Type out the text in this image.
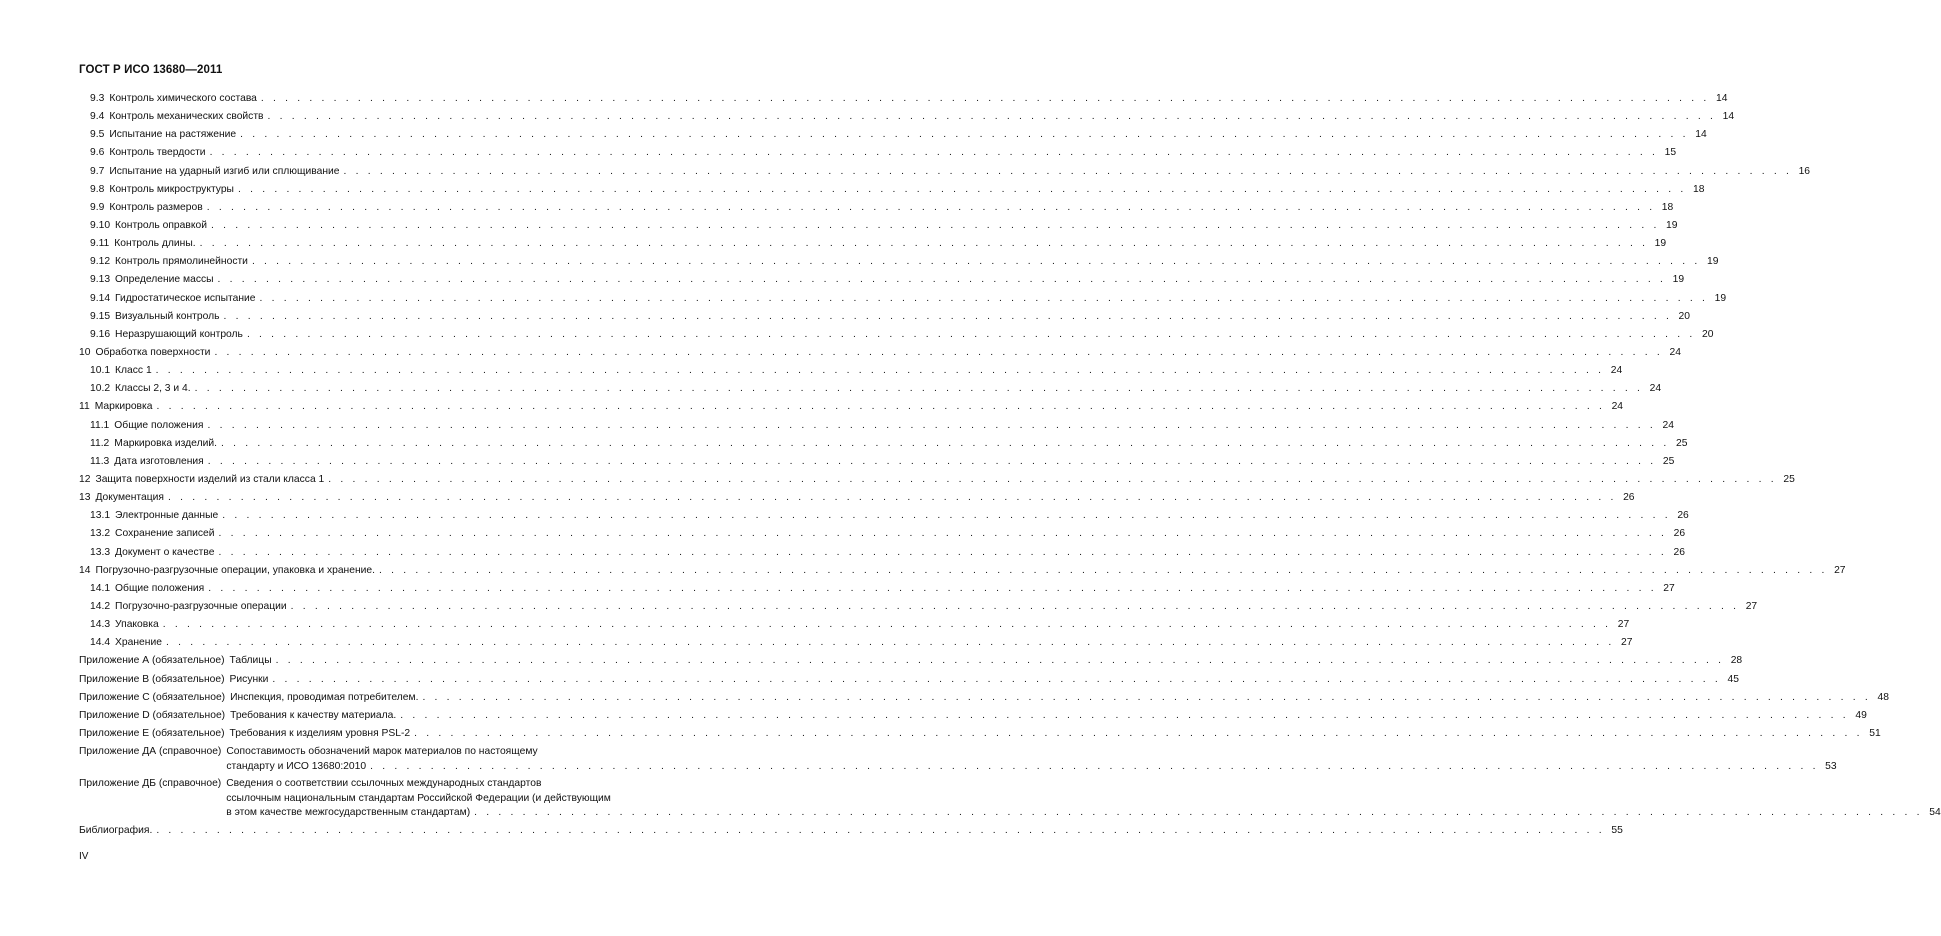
ГОСТ Р ИСО 13680—2011
9.3 Контроль химического состава . . . . . . . . . . . . . . . . . . . . . . . . . . . . . . . . . . . . . . . . . . . . . . . . . . . . . . . . . . . . . . . . . . . . . . . . . . . . . . . . . . . . . . . . . . . . . . . . . . . . . . . . . . . . . . . . . . . . . . . . 14
9.4 Контроль механических свойств . . . . . . . . . . . . . . . . . . . . . . . . . . . . . . . . . . . . . . . . . . . . . . . . . . . . . . . . . . . . . . . . . . . . . . . . . . . . . . . . . . . . . . . . . . . . . . . . . . . . . . . . . . . . . . . . . . . . . . . . 14
9.5 Испытание на растяжение . . . . . . . . . . . . . . . . . . . . . . . . . . . . . . . . . . . . . . . . . . . . . . . . . . . . . . . . . . . . . . . . . . . . . . . . . . . . . . . . . . . . . . . . . . . . . . . . . . . . . . . . . . . . . . . . . . . . . . . . 14
9.6 Контроль твердости . . . . . . . . . . . . . . . . . . . . . . . . . . . . . . . . . . . . . . . . . . . . . . . . . . . . . . . . . . . . . . . . . . . . . . . . . . . . . . . . . . . . . . . . . . . . . . . . . . . . . . . . . . . . . . . . . . . . . . . . 15
9.7 Испытание на ударный изгиб или сплющивание . . . . . . . . . . . . . . . . . . . . . . . . . . . . . . . . . . . . . . . . . . . . . . . . . . . . . . . . . . . . . . . . . . . . . . . . . . . . . . . . . . . . . . . . . . . . . . . . . . . . . . . . . . . . . . . . . . . . . . . . 16
9.8 Контроль микроструктуры . . . . . . . . . . . . . . . . . . . . . . . . . . . . . . . . . . . . . . . . . . . . . . . . . . . . . . . . . . . . . . . . . . . . . . . . . . . . . . . . . . . . . . . . . . . . . . . . . . . . . . . . . . . . . . . . . . . . . . . . 18
9.9 Контроль размеров . . . . . . . . . . . . . . . . . . . . . . . . . . . . . . . . . . . . . . . . . . . . . . . . . . . . . . . . . . . . . . . . . . . . . . . . . . . . . . . . . . . . . . . . . . . . . . . . . . . . . . . . . . . . . . . . . . . . . . . . 18
9.10 Контроль оправкой . . . . . . . . . . . . . . . . . . . . . . . . . . . . . . . . . . . . . . . . . . . . . . . . . . . . . . . . . . . . . . . . . . . . . . . . . . . . . . . . . . . . . . . . . . . . . . . . . . . . . . . . . . . . . . . . . . . . . . . . 19
9.11 Контроль длины. . . . . . . . . . . . . . . . . . . . . . . . . . . . . . . . . . . . . . . . . . . . . . . . . . . . . . . . . . . . . . . . . . . . . . . . . . . . . . . . . . . . . . . . . . . . . . . . . . . . . . . . . . . . . . . . . . . . . . . . . 19
9.12 Контроль прямолинейности . . . . . . . . . . . . . . . . . . . . . . . . . . . . . . . . . . . . . . . . . . . . . . . . . . . . . . . . . . . . . . . . . . . . . . . . . . . . . . . . . . . . . . . . . . . . . . . . . . . . . . . . . . . . . . . . . . . . . . . . 19
9.13 Определение массы . . . . . . . . . . . . . . . . . . . . . . . . . . . . . . . . . . . . . . . . . . . . . . . . . . . . . . . . . . . . . . . . . . . . . . . . . . . . . . . . . . . . . . . . . . . . . . . . . . . . . . . . . . . . . . . . . . . . . . . . 19
9.14 Гидростатическое испытание . . . . . . . . . . . . . . . . . . . . . . . . . . . . . . . . . . . . . . . . . . . . . . . . . . . . . . . . . . . . . . . . . . . . . . . . . . . . . . . . . . . . . . . . . . . . . . . . . . . . . . . . . . . . . . . . . . . . . . . . 19
9.15 Визуальный контроль . . . . . . . . . . . . . . . . . . . . . . . . . . . . . . . . . . . . . . . . . . . . . . . . . . . . . . . . . . . . . . . . . . . . . . . . . . . . . . . . . . . . . . . . . . . . . . . . . . . . . . . . . . . . . . . . . . . . . . . . 20
9.16 Неразрушающий контроль . . . . . . . . . . . . . . . . . . . . . . . . . . . . . . . . . . . . . . . . . . . . . . . . . . . . . . . . . . . . . . . . . . . . . . . . . . . . . . . . . . . . . . . . . . . . . . . . . . . . . . . . . . . . . . . . . . . . . . . . 20
10 Обработка поверхности . . . . . . . . . . . . . . . . . . . . . . . . . . . . . . . . . . . . . . . . . . . . . . . . . . . . . . . . . . . . . . . . . . . . . . . . . . . . . . . . . . . . . . . . . . . . . . . . . . . . . . . . . . . . . . . . . . . . . . . . 24
10.1 Класс 1 . . . . . . . . . . . . . . . . . . . . . . . . . . . . . . . . . . . . . . . . . . . . . . . . . . . . . . . . . . . . . . . . . . . . . . . . . . . . . . . . . . . . . . . . . . . . . . . . . . . . . . . . . . . . . . . . . . . . . . . . 24
10.2 Классы 2, 3 и 4. . . . . . . . . . . . . . . . . . . . . . . . . . . . . . . . . . . . . . . . . . . . . . . . . . . . . . . . . . . . . . . . . . . . . . . . . . . . . . . . . . . . . . . . . . . . . . . . . . . . . . . . . . . . . . . . . . . . . . . . . 24
11 Маркировка . . . . . . . . . . . . . . . . . . . . . . . . . . . . . . . . . . . . . . . . . . . . . . . . . . . . . . . . . . . . . . . . . . . . . . . . . . . . . . . . . . . . . . . . . . . . . . . . . . . . . . . . . . . . . . . . . . . . . . . . 24
11.1 Общие положения . . . . . . . . . . . . . . . . . . . . . . . . . . . . . . . . . . . . . . . . . . . . . . . . . . . . . . . . . . . . . . . . . . . . . . . . . . . . . . . . . . . . . . . . . . . . . . . . . . . . . . . . . . . . . . . . . . . . . . . . 24
11.2 Маркировка изделий. . . . . . . . . . . . . . . . . . . . . . . . . . . . . . . . . . . . . . . . . . . . . . . . . . . . . . . . . . . . . . . . . . . . . . . . . . . . . . . . . . . . . . . . . . . . . . . . . . . . . . . . . . . . . . . . . . . . . . . . . 25
11.3 Дата изготовления . . . . . . . . . . . . . . . . . . . . . . . . . . . . . . . . . . . . . . . . . . . . . . . . . . . . . . . . . . . . . . . . . . . . . . . . . . . . . . . . . . . . . . . . . . . . . . . . . . . . . . . . . . . . . . . . . . . . . . . . 25
12 Защита поверхности изделий из стали класса 1 . . . . . . . . . . . . . . . . . . . . . . . . . . . . . . . . . . . . . . . . . . . . . . . . . . . . . . . . . . . . . . . . . . . . . . . . . . . . . . . . . . . . . . . . . . . . . . . . . . . . . . . . . . . . . . . . . . . . . . . . 25
13 Документация . . . . . . . . . . . . . . . . . . . . . . . . . . . . . . . . . . . . . . . . . . . . . . . . . . . . . . . . . . . . . . . . . . . . . . . . . . . . . . . . . . . . . . . . . . . . . . . . . . . . . . . . . . . . . . . . . . . . . . . . 26
13.1 Электронные данные . . . . . . . . . . . . . . . . . . . . . . . . . . . . . . . . . . . . . . . . . . . . . . . . . . . . . . . . . . . . . . . . . . . . . . . . . . . . . . . . . . . . . . . . . . . . . . . . . . . . . . . . . . . . . . . . . . . . . . . . 26
13.2 Сохранение записей . . . . . . . . . . . . . . . . . . . . . . . . . . . . . . . . . . . . . . . . . . . . . . . . . . . . . . . . . . . . . . . . . . . . . . . . . . . . . . . . . . . . . . . . . . . . . . . . . . . . . . . . . . . . . . . . . . . . . . . . 26
13.3 Документ о качестве . . . . . . . . . . . . . . . . . . . . . . . . . . . . . . . . . . . . . . . . . . . . . . . . . . . . . . . . . . . . . . . . . . . . . . . . . . . . . . . . . . . . . . . . . . . . . . . . . . . . . . . . . . . . . . . . . . . . . . . . 26
14 Погрузочно-разгрузочные операции, упаковка и хранение. . . . . . . . . . . . . . . . . . . . . . . . . . . . . . . . . . . . . . . . . . . . . . . . . . . . . . . . . . . . . . . . . . . . . . . . . . . . . . . . . . . . . . . . . . . . . . . . . . . . . . . . . . . . . . . . . . . . . . . . . 27
14.1 Общие положения . . . . . . . . . . . . . . . . . . . . . . . . . . . . . . . . . . . . . . . . . . . . . . . . . . . . . . . . . . . . . . . . . . . . . . . . . . . . . . . . . . . . . . . . . . . . . . . . . . . . . . . . . . . . . . . . . . . . . . . . 27
14.2 Погрузочно-разгрузочные операции . . . . . . . . . . . . . . . . . . . . . . . . . . . . . . . . . . . . . . . . . . . . . . . . . . . . . . . . . . . . . . . . . . . . . . . . . . . . . . . . . . . . . . . . . . . . . . . . . . . . . . . . . . . . . . . . . . . . . . . . 27
14.3 Упаковка . . . . . . . . . . . . . . . . . . . . . . . . . . . . . . . . . . . . . . . . . . . . . . . . . . . . . . . . . . . . . . . . . . . . . . . . . . . . . . . . . . . . . . . . . . . . . . . . . . . . . . . . . . . . . . . . . . . . . . . . 27
14.4 Хранение . . . . . . . . . . . . . . . . . . . . . . . . . . . . . . . . . . . . . . . . . . . . . . . . . . . . . . . . . . . . . . . . . . . . . . . . . . . . . . . . . . . . . . . . . . . . . . . . . . . . . . . . . . . . . . . . . . . . . . . . 27
Приложение А (обязательное) Таблицы . . . . . . . . . . . . . . . . . . . . . . . . . . . . . . . . . . . . . . . . . . . . . . . . . . . . . . . . . . . . . . . . . . . . . . . . . . . . . . . . . . . . . . . . . . . . . . . . . . . . . . . . . . . . . . . . . . . . . . . . 28
Приложение В (обязательное) Рисунки . . . . . . . . . . . . . . . . . . . . . . . . . . . . . . . . . . . . . . . . . . . . . . . . . . . . . . . . . . . . . . . . . . . . . . . . . . . . . . . . . . . . . . . . . . . . . . . . . . . . . . . . . . . . . . . . . . . . . . . . 45
Приложение С (обязательное) Инспекция, проводимая потребителем. . . . . . . . . . . . . . . . . . . . . . . . . . . . . . . . . . . . . . . . . . . . . . . . . . . . . . . . . . . . . . . . . . . . . . . . . . . . . . . . . . . . . . . . . . . . . . . . . . . . . . . . . . . . . . . . . . . . . . . . . 48
Приложение D (обязательное) Требования к качеству материала. . . . . . . . . . . . . . . . . . . . . . . . . . . . . . . . . . . . . . . . . . . . . . . . . . . . . . . . . . . . . . . . . . . . . . . . . . . . . . . . . . . . . . . . . . . . . . . . . . . . . . . . . . . . . . . . . . . . . . . . . 49
Приложение Е (обязательное) Требования к изделиям уровня PSL-2 . . . . . . . . . . . . . . . . . . . . . . . . . . . . . . . . . . . . . . . . . . . . . . . . . . . . . . . . . . . . . . . . . . . . . . . . . . . . . . . . . . . . . . . . . . . . . . . . . . . . . . . . . . . . . . . . . . . . . . . . 51
Приложение ДА (справочное) Сопоставимость обозначений марок материалов по настоящему
стандарту и ИСО 13680:2010 . . . . . . . . . . . . . . . . . . . . . . . . . . . . . . . . . . . . . . . . . . . . . . . . . . . . . . . . . . . . . . . . . . . . . . . . . . . . . . . . . . . . . . . . . . . . . . . . . . . . . . . . . . . . . . . . . . . . . . . . 53
Приложение ДБ (справочное) Сведения о соответствии ссылочных международных стандартов
ссылочным национальным стандартам Российской Федерации (и действующим
в этом качестве межгосударственным стандартам) . . . . . . . . . . . . . . . . . . . . . . . . . . . . . . . . . . . . . . . . . . . . . . . . . . . . . . . . . . . . . . . . . . . . . . . . . . . . . . . . . . . . . . . . . . . . . . . . . . . . . . . . . . . . . . . . . . . . . . . . 54
Библиография. . . . . . . . . . . . . . . . . . . . . . . . . . . . . . . . . . . . . . . . . . . . . . . . . . . . . . . . . . . . . . . . . . . . . . . . . . . . . . . . . . . . . . . . . . . . . . . . . . . . . . . . . . . . . . . . . . . . . . . . . 55
IV
